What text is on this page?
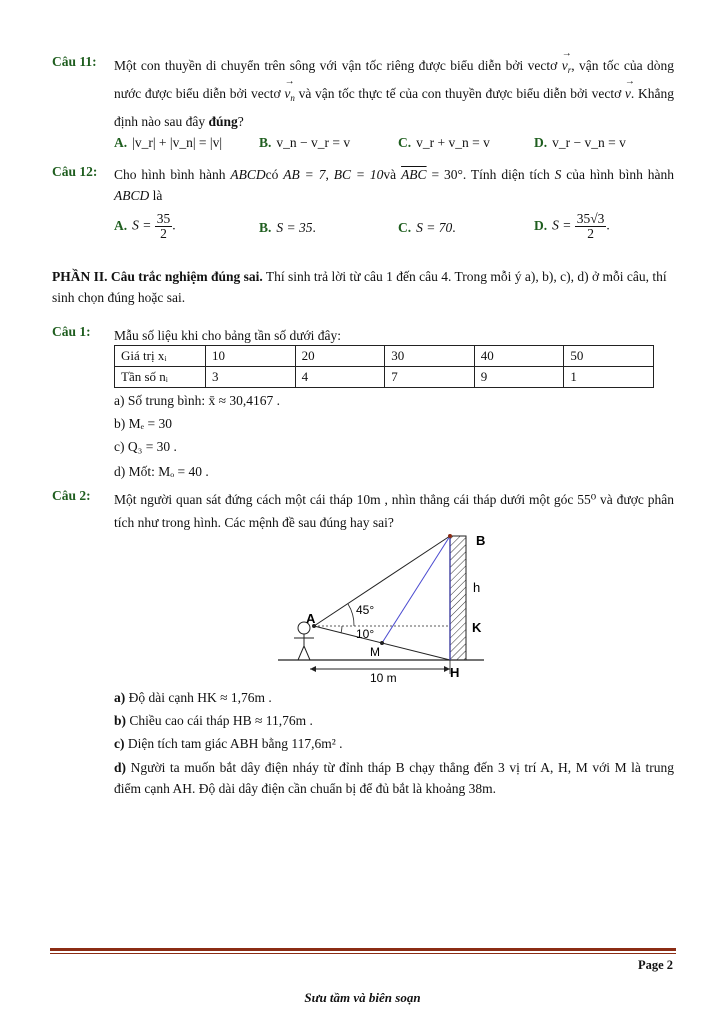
Câu 11:	Một con thuyền di chuyển trên sông với vận tốc riêng được biểu diễn bởi vectơ → $v_r$, vận tốc của dòng nước được biểu diễn bởi vectơ → $v_n$ và vận tốc thực tế của con thuyền được biểu diễn bởi vectơ → v. Khẳng định nào sau đây đúng?
A. |v_r| + |v_n| = |v|	B. v_n − v_r = v	C. v_r + v_n = v	D. v_r − v_n = v
Câu 12:	Cho hình bình hành ABCDcó AB = 7, BC = 10và $\overline{ABC} = 30^\circ$. Tính diện tích S của hình bình hành ABCD là
A. $S = \frac{35}{2}$ .	B. S = 35.	C. S = 70.	D. $S = \frac{35√3}{2}$ .
PHẦN II. Câu trắc nghiệm đúng sai. Thí sinh trả lời từ câu 1 đến câu 4. Trong mỗi ý a), b), c), d) ở mỗi câu, thí sinh chọn đúng hoặc sai.
Câu 1:	Mẫu số liệu khi cho bảng tần số dưới đây:
Giá trị xᵢ	10	20	30	40	50
Tần số nᵢ	3	4	7	9	1
a) Số trung bình: x̄ ≈ 30,4167 .
b) Mₑ = 30
c) Q₃ = 30 .
d) Mốt: Mₒ = 40 .
Câu 2:	Một người quan sát đứng cách một cái tháp 10m , nhìn thẳng cái tháp dưới một góc 55⁰ và được phân tích như trong hình. Các mệnh đề sau đúng hay sai?
B
h
K
A
M
H
45°
10°
10 m
a) Độ dài cạnh HK ≈ 1,76m .
b) Chiều cao cái tháp HB ≈ 11,76m .
c) Diện tích tam giác ABH bằng 117,6m² .
d) Người ta muốn bắt dây điện nháy từ đỉnh tháp B chạy thẳng đến 3 vị trí A, H, M với M là trung điểm cạnh AH. Độ dài dây điện cần chuẩn bị để đủ bắt là khoảng 38m.
Page 2
Sưu tầm và biên soạn
